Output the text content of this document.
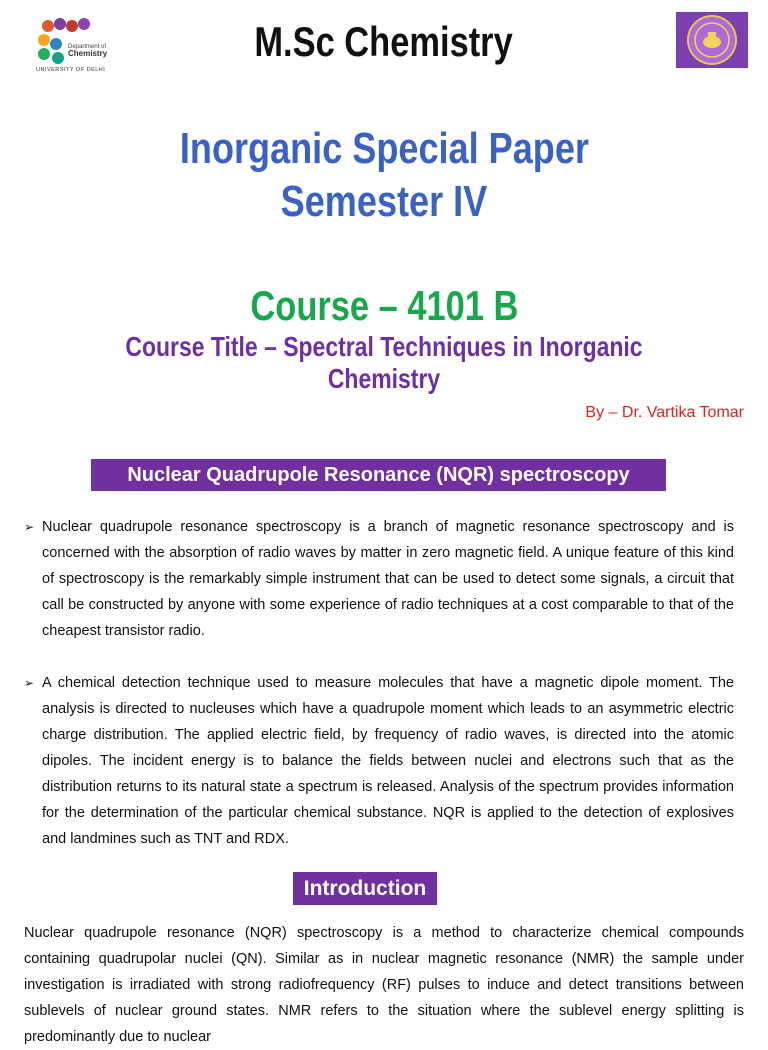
Department of
Chemistry
UNIVERSITY OF DELHI
M.Sc Chemistry
Inorganic Special Paper
Semester IV
Course – 4101 B
Course Title – Spectral Techniques in Inorganic Chemistry
By – Dr. Vartika Tomar
Nuclear Quadrupole Resonance (NQR) spectroscopy
➢ Nuclear quadrupole resonance spectroscopy is a branch of magnetic resonance spectroscopy and is concerned with the absorption of radio waves by matter in zero magnetic field. A unique feature of this kind of spectroscopy is the remarkably simple instrument that can be used to detect some signals, a circuit that call be constructed by anyone with some experience of radio techniques at a cost comparable to that of the cheapest transistor radio.
➢ A chemical detection technique used to measure molecules that have a magnetic dipole moment. The analysis is directed to nucleuses which have a quadrupole moment which leads to an asymmetric electric charge distribution. The applied electric field, by frequency of radio waves, is directed into the atomic dipoles. The incident energy is to balance the fields between nuclei and electrons such that as the distribution returns to its natural state a spectrum is released. Analysis of the spectrum provides information for the determination of the particular chemical substance. NQR is applied to the detection of explosives and landmines such as TNT and RDX.
Introduction
Nuclear quadrupole resonance (NQR) spectroscopy is a method to characterize chemical compounds containing quadrupolar nuclei (QN). Similar as in nuclear magnetic resonance (NMR) the sample under investigation is irradiated with strong radiofrequency (RF) pulses to induce and detect transitions between sublevels of nuclear ground states. NMR refers to the situation where the sublevel energy splitting is predominantly due to nuclear
